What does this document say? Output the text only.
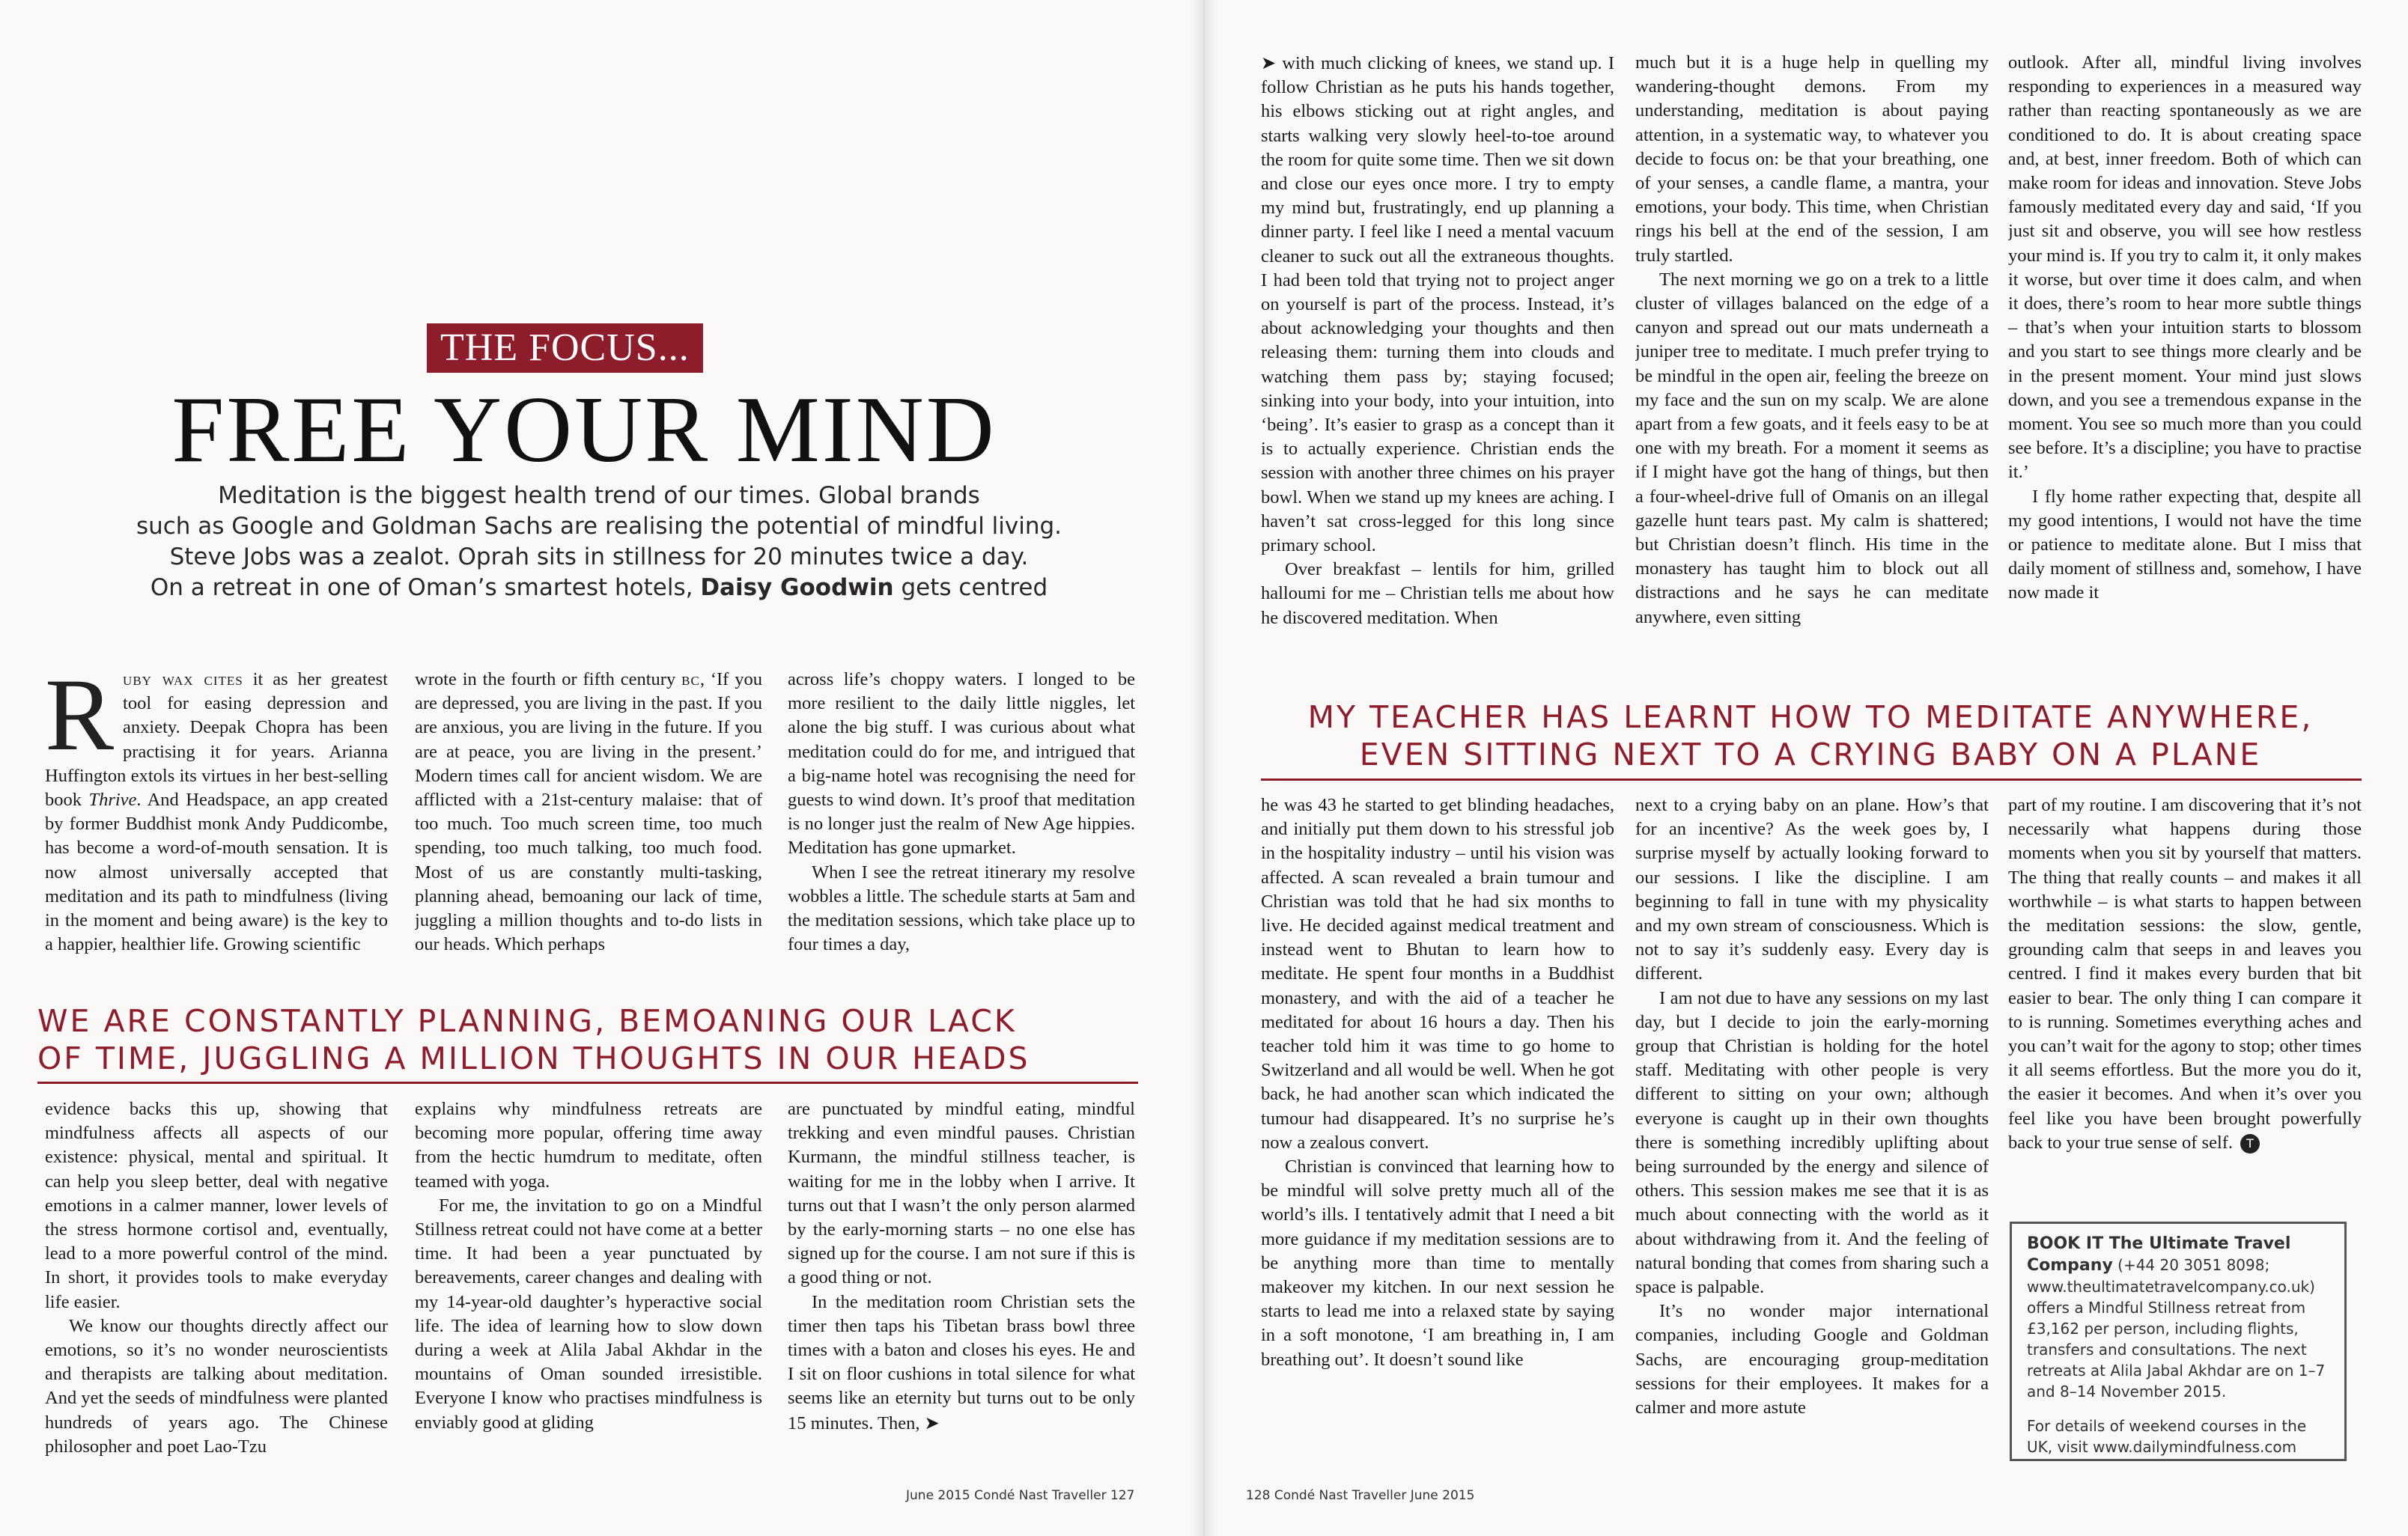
THE FOCUS...
FREE YOUR MIND
Meditation is the biggest health trend of our times. Global brands
such as Google and Goldman Sachs are realising the potential of mindful living.
Steve Jobs was a zealot. Oprah sits in stillness for 20 minutes twice a day.
On a retreat in one of Oman’s smartest hotels, Daisy Goodwin gets centred

Ruby wax cites it as her greatest tool for easing depression and anxiety. Deepak Chopra has been practising it for years. Arianna Huffington extols its virtues in her best-selling book Thrive. And Headspace, an app created by former Buddhist monk Andy Puddicombe, has become a word-of-mouth sensation. It is now almost universally accepted that meditation and its path to mindfulness (living in the moment and being aware) is the key to a happier, healthier life. Growing scientific

wrote in the fourth or fifth century bc, ‘If you are depressed, you are living in the past. If you are anxious, you are living in the future. If you are at peace, you are living in the present.’ Modern times call for ancient wisdom. We are afflicted with a 21st-century malaise: that of too much. Too much screen time, too much spending, too much talking, too much food. Most of us are constantly multi-tasking, planning ahead, bemoaning our lack of time, juggling a million thoughts and to-do lists in our heads. Which perhaps

across life’s choppy waters. I longed to be more resilient to the daily little niggles, let alone the big stuff. I was curious about what meditation could do for me, and intrigued that a big-name hotel was recognising the need for guests to wind down. It’s proof that meditation is no longer just the realm of New Age hippies. Meditation has gone upmarket.

When I see the retreat itinerary my resolve wobbles a little. The schedule starts at 5am and the meditation sessions, which take place up to four times a day,

WE ARE CONSTANTLY PLANNING, BEMOANING OUR LACK
OF TIME, JUGGLING A MILLION THOUGHTS IN OUR HEADS

evidence backs this up, showing that mindfulness affects all aspects of our existence: physical, mental and spiritual. It can help you sleep better, deal with negative emotions in a calmer manner, lower levels of the stress hormone cortisol and, eventually, lead to a more powerful control of the mind. In short, it provides tools to make everyday life easier.

We know our thoughts directly affect our emotions, so it’s no wonder neuroscientists and therapists are talking about meditation. And yet the seeds of mindfulness were planted hundreds of years ago. The Chinese philosopher and poet Lao-Tzu

explains why mindfulness retreats are becoming more popular, offering time away from the hectic humdrum to meditate, often teamed with yoga.

For me, the invitation to go on a Mindful Stillness retreat could not have come at a better time. It had been a year punctuated by bereavements, career changes and dealing with my 14-year-old daughter’s hyperactive social life. The idea of learning how to slow down during a week at Alila Jabal Akhdar in the mountains of Oman sounded irresistible. Everyone I know who practises mindfulness is enviably good at gliding

are punctuated by mindful eating, mindful trekking and even mindful pauses. Christian Kurmann, the mindful stillness teacher, is waiting for me in the lobby when I arrive. It turns out that I wasn’t the only person alarmed by the early-morning starts – no one else has signed up for the course. I am not sure if this is a good thing or not.

In the meditation room Christian sets the timer then taps his Tibetan brass bowl three times with a baton and closes his eyes. He and I sit on floor cushions in total silence for what seems like an eternity but turns out to be only 15 minutes. Then, ➤

June 2015 Condé Nast Traveller 127

➤ with much clicking of knees, we stand up. I follow Christian as he puts his hands together, his elbows sticking out at right angles, and starts walking very slowly heel-to-toe around the room for quite some time. Then we sit down and close our eyes once more. I try to empty my mind but, frustratingly, end up planning a dinner party. I feel like I need a mental vacuum cleaner to suck out all the extraneous thoughts. I had been told that trying not to project anger on yourself is part of the process. Instead, it’s about acknowledging your thoughts and then releasing them: turning them into clouds and watching them pass by; staying focused; sinking into your body, into your intuition, into ‘being’. It’s easier to grasp as a concept than it is to actually experience. Christian ends the session with another three chimes on his prayer bowl. When we stand up my knees are aching. I haven’t sat cross-legged for this long since primary school.

Over breakfast – lentils for him, grilled halloumi for me – Christian tells me about how he discovered meditation. When

much but it is a huge help in quelling my wandering-thought demons. From my understanding, meditation is about paying attention, in a systematic way, to whatever you decide to focus on: be that your breathing, one of your senses, a candle flame, a mantra, your emotions, your body. This time, when Christian rings his bell at the end of the session, I am truly startled.

The next morning we go on a trek to a little cluster of villages balanced on the edge of a canyon and spread out our mats underneath a juniper tree to meditate. I much prefer trying to be mindful in the open air, feeling the breeze on my face and the sun on my scalp. We are alone apart from a few goats, and it feels easy to be at one with my breath. For a moment it seems as if I might have got the hang of things, but then a four-wheel-drive full of Omanis on an illegal gazelle hunt tears past. My calm is shattered; but Christian doesn’t flinch. His time in the monastery has taught him to block out all distractions and he says he can meditate anywhere, even sitting

outlook. After all, mindful living involves responding to experiences in a measured way rather than reacting spontaneously as we are conditioned to do. It is about creating space and, at best, inner freedom. Both of which can make room for ideas and innovation. Steve Jobs famously meditated every day and said, ‘If you just sit and observe, you will see how restless your mind is. If you try to calm it, it only makes it worse, but over time it does calm, and when it does, there’s room to hear more subtle things – that’s when your intuition starts to blossom and you start to see things more clearly and be in the present moment. Your mind just slows down, and you see a tremendous expanse in the moment. You see so much more than you could see before. It’s a discipline; you have to practise it.’

I fly home rather expecting that, despite all my good intentions, I would not have the time or patience to meditate alone. But I miss that daily moment of stillness and, somehow, I have now made it

MY TEACHER HAS LEARNT HOW TO MEDITATE ANYWHERE,
EVEN SITTING NEXT TO A CRYING BABY ON A PLANE

he was 43 he started to get blinding headaches, and initially put them down to his stressful job in the hospitality industry – until his vision was affected. A scan revealed a brain tumour and Christian was told that he had six months to live. He decided against medical treatment and instead went to Bhutan to learn how to meditate. He spent four months in a Buddhist monastery, and with the aid of a teacher he meditated for about 16 hours a day. Then his teacher told him it was time to go home to Switzerland and all would be well. When he got back, he had another scan which indicated the tumour had disappeared. It’s no surprise he’s now a zealous convert.

Christian is convinced that learning how to be mindful will solve pretty much all of the world’s ills. I tentatively admit that I need a bit more guidance if my meditation sessions are to be anything more than time to mentally makeover my kitchen. In our next session he starts to lead me into a relaxed state by saying in a soft monotone, ‘I am breathing in, I am breathing out’. It doesn’t sound like

next to a crying baby on an plane. How’s that for an incentive? As the week goes by, I surprise myself by actually looking forward to our sessions. I like the discipline. I am beginning to fall in tune with my physicality and my own stream of consciousness. Which is not to say it’s suddenly easy. Every day is different.

I am not due to have any sessions on my last day, but I decide to join the early-morning group that Christian is holding for the hotel staff. Meditating with other people is very different to sitting on your own; although everyone is caught up in their own thoughts there is something incredibly uplifting about being surrounded by the energy and silence of others. This session makes me see that it is as much about connecting with the world as it about withdrawing from it. And the feeling of natural bonding that comes from sharing such a space is palpable.

It’s no wonder major international companies, including Google and Goldman Sachs, are encouraging group-meditation sessions for their employees. It makes for a calmer and more astute

part of my routine. I am discovering that it’s not necessarily what happens during those moments when you sit by yourself that matters. The thing that really counts – and makes it all worthwhile – is what starts to happen between the meditation sessions: the slow, gentle, grounding calm that seeps in and leaves you centred. I find it makes every burden that bit easier to bear. The only thing I can compare it to is running. Sometimes everything aches and you can’t wait for the agony to stop; other times it all seems effortless. But the more you do it, the easier it becomes. And when it’s over you feel like you have been brought powerfully back to your true sense of self. T

128 Condé Nast Traveller June 2015

BOOK IT The Ultimate Travel Company (+44 20 3051 8098; www.theultimatetravelcompany.co.uk) offers a Mindful Stillness retreat from £3,162 per person, including flights, transfers and consultations. The next retreats at Alila Jabal Akhdar are on 1–7 and 8–14 November 2015.

For details of weekend courses in the UK, visit www.dailymindfulness.com
